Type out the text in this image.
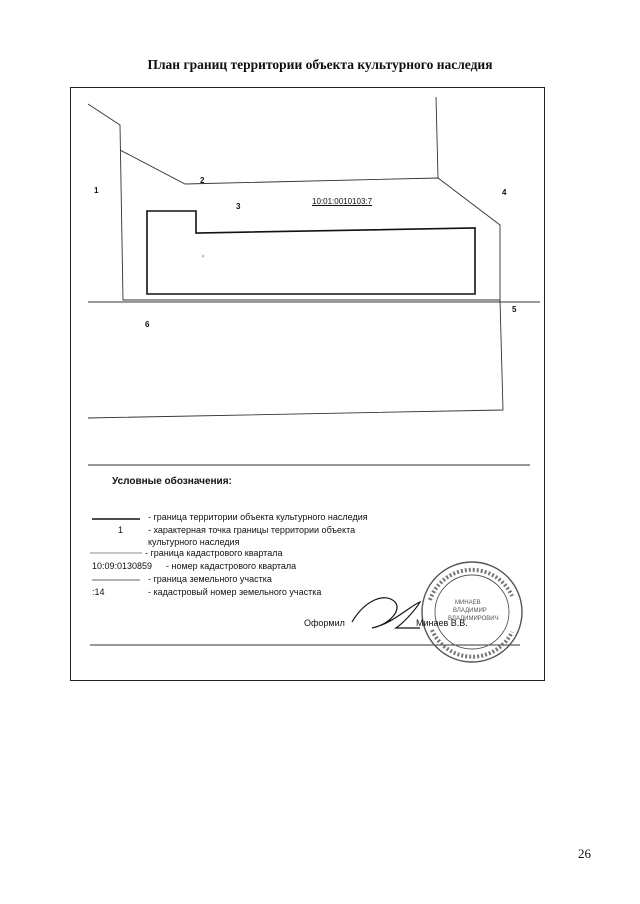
План границ территории объекта культурного наследия
‹
МИНАЕВ
ВЛАДИМИР
ВЛАДИМИРОВИЧ
1
2
3
4
5
6
10:01:0010103:7
Условные обозначения:
- граница территории объекта культурного наследия
1	- характерная точка границы территории объекта
культурного наследия
- граница кадастрового квартала
10:09:0130859 - номер кадастрового квартала
- граница земельного участка
:14	- кадастровый номер земельного участка
Оформил	Минаев В.В.
26
